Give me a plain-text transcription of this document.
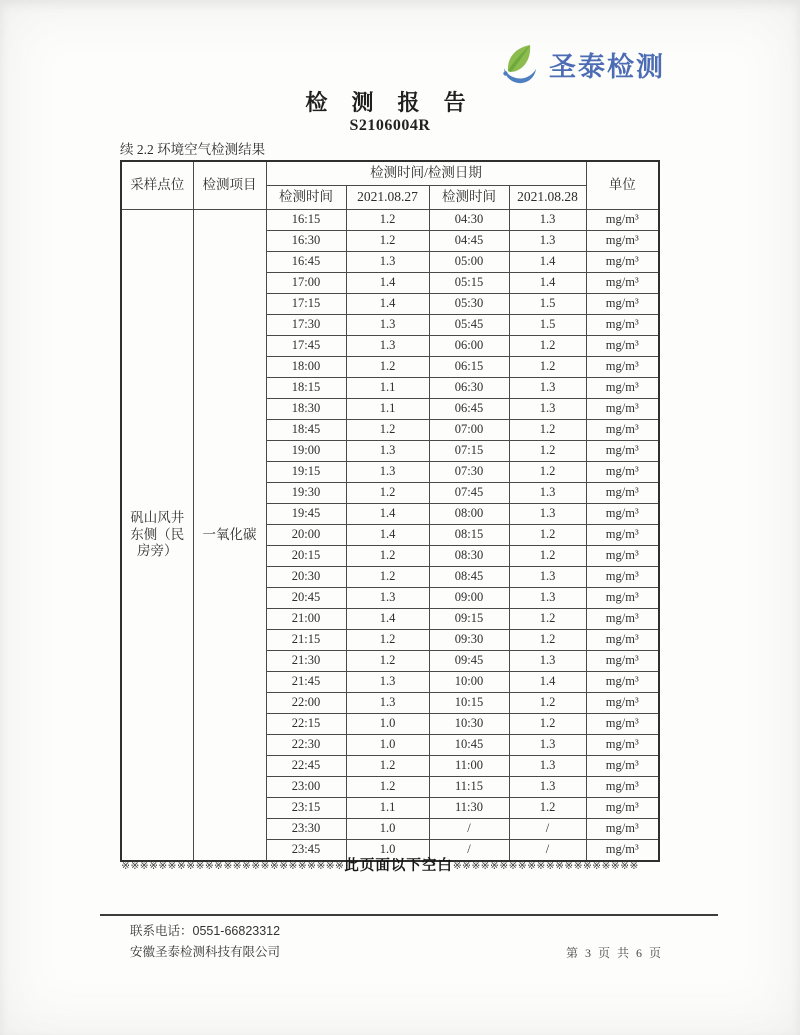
圣泰检测
检 测 报 告
S2106004R
续 2.2 环境空气检测结果
采样点位	检测项目	检测时间/检测日期				单位
		检测时间	2021.08.27	检测时间	2021.08.28	
矾山风井东侧（民房旁）	一氧化碳	16:15	1.2	04:30	1.3	mg/m³
		16:30	1.2	04:45	1.3	mg/m³
		16:45	1.3	05:00	1.4	mg/m³
		17:00	1.4	05:15	1.4	mg/m³
		17:15	1.4	05:30	1.5	mg/m³
		17:30	1.3	05:45	1.5	mg/m³
		17:45	1.3	06:00	1.2	mg/m³
		18:00	1.2	06:15	1.2	mg/m³
		18:15	1.1	06:30	1.3	mg/m³
		18:30	1.1	06:45	1.3	mg/m³
		18:45	1.2	07:00	1.2	mg/m³
		19:00	1.3	07:15	1.2	mg/m³
		19:15	1.3	07:30	1.2	mg/m³
		19:30	1.2	07:45	1.3	mg/m³
		19:45	1.4	08:00	1.3	mg/m³
		20:00	1.4	08:15	1.2	mg/m³
		20:15	1.2	08:30	1.2	mg/m³
		20:30	1.2	08:45	1.3	mg/m³
		20:45	1.3	09:00	1.3	mg/m³
		21:00	1.4	09:15	1.2	mg/m³
		21:15	1.2	09:30	1.2	mg/m³
		21:30	1.2	09:45	1.3	mg/m³
		21:45	1.3	10:00	1.4	mg/m³
		22:00	1.3	10:15	1.2	mg/m³
		22:15	1.0	10:30	1.2	mg/m³
		22:30	1.0	10:45	1.3	mg/m³
		22:45	1.2	11:00	1.3	mg/m³
		23:00	1.2	11:15	1.3	mg/m³
		23:15	1.1	11:30	1.2	mg/m³
		23:30	1.0	/	/	mg/m³
		23:45	1.0	/	/	mg/m³
※※※※※※※※※※※※※※※※※※※※※※※※此页面以下空白※※※※※※※※※※※※※※※※※※※※
联系电话：0551-66823312
安徽圣泰检测科技有限公司	第 3 页 共 6 页
